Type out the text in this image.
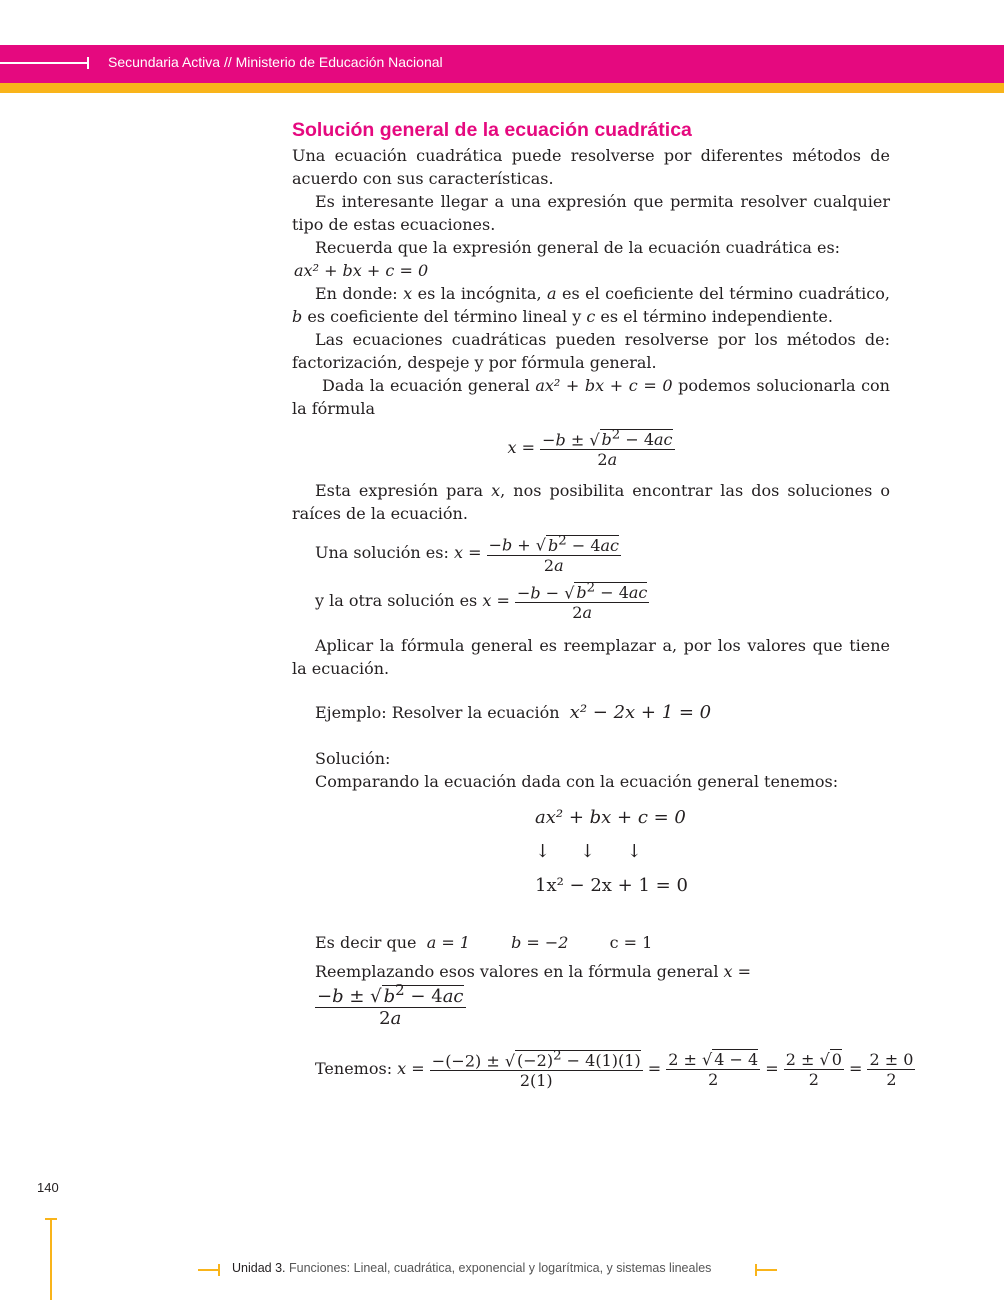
Secundaria Activa // Ministerio de Educación Nacional
Solución general de la ecuación cuadrática

Una ecuación cuadrática puede resolverse por diferentes métodos de acuerdo con sus características.

Es interesante llegar a una expresión que permita resolver cualquier tipo de estas ecuaciones.

Recuerda que la expresión general de la ecuación cuadrática es:

ax² + bx + c = 0

En donde: x es la incógnita, a es el coeficiente del término cuadrático, b es coeficiente del término lineal y c es el término independiente.

Las ecuaciones cuadráticas pueden resolverse por los métodos de: factorización, despeje y por fórmula general.

Dada la ecuación general ax² + bx + c = 0 podemos solucionarla con la fórmula

$x = \frac{-b \pm √ b^2 - 4ac}{2a}$

Esta expresión para x, nos posibilita encontrar las dos soluciones o raíces de la ecuación.

Una solución es: $x = \frac{-b + √ b^2 - 4ac}{2a}$
y la otra solución es $x = \frac{-b - √ b^2 - 4ac}{2a}$

Aplicar la fórmula general es reemplazar a, por los valores que tiene la ecuación.

Ejemplo: Resolver la ecuación x² − 2x + 1 = 0
Solución:
Comparando la ecuación dada con la ecuación general tenemos:
ax² + bx + c = 0
↓ ↓ ↓
1x² − 2x + 1 = 0
Es decir que a = 1	b = −2	c = 1
Reemplazando esos valores en la fórmula general x =
$\frac{-b \pm √ b^2 - 4ac}{2a}$
Tenemos: $x = \frac{-(-2) \pm √ (-2)^2 - 4(1)(1)}{2(1)} = \frac{2 \pm √ 4 - 4}{2} = \frac{2 \pm √ 0}{2} = \frac{2 \pm 0}{2}$
140
Unidad 3. Funciones: Lineal, cuadrática, exponencial y logarítmica, y sistemas lineales
